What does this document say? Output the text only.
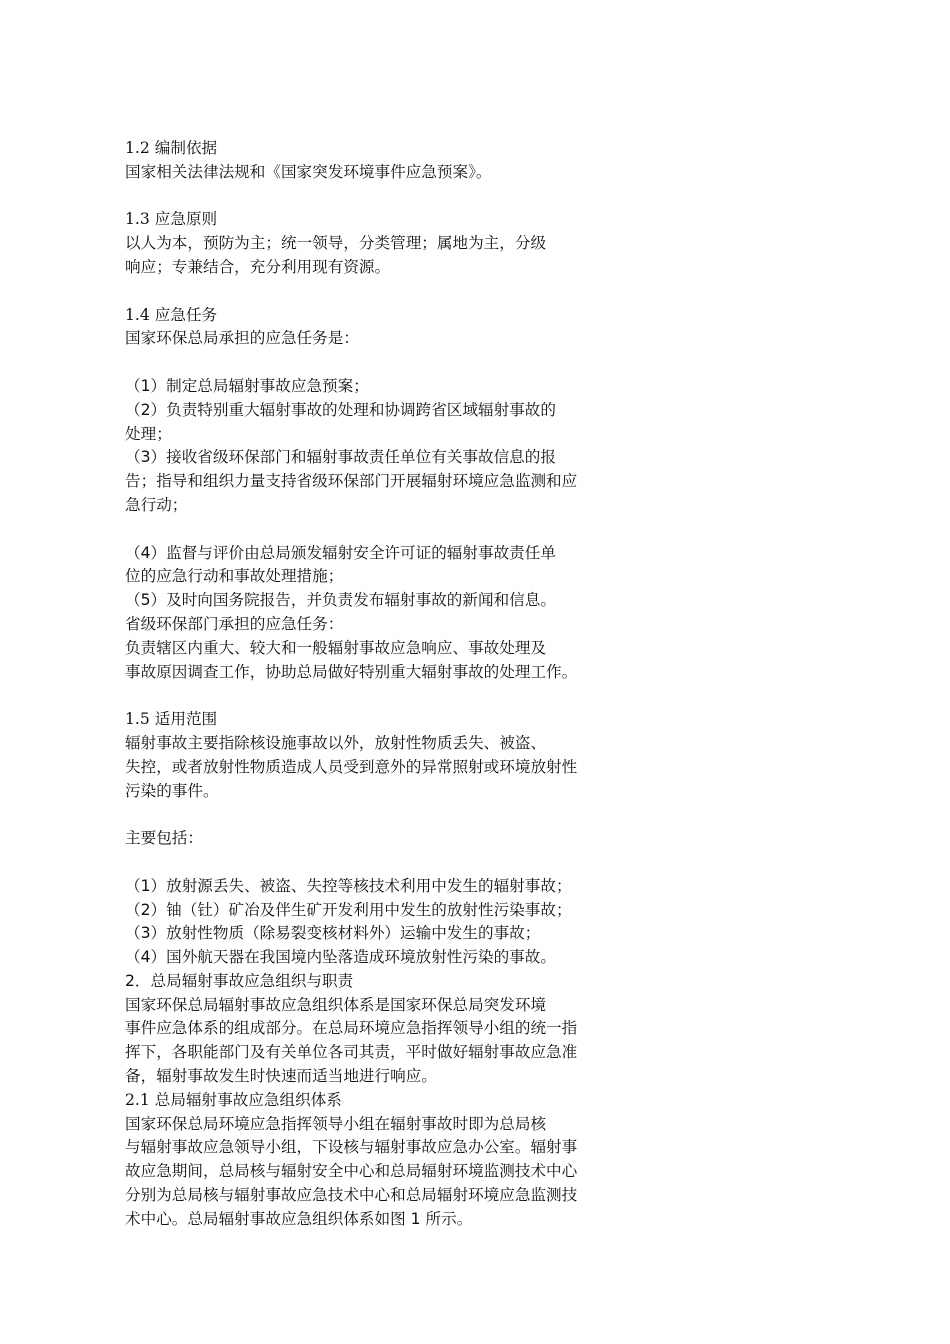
1.2 编制依据
国家相关法律法规和《国家突发环境事件应急预案》。
1.3 应急原则
以人为本，预防为主；统一领导，分类管理；属地为主，分级
响应；专兼结合，充分利用现有资源。
1.4 应急任务
国家环保总局承担的应急任务是：
（1）制定总局辐射事故应急预案；
（2）负责特别重大辐射事故的处理和协调跨省区域辐射事故的
处理；
（3）接收省级环保部门和辐射事故责任单位有关事故信息的报
告；指导和组织力量支持省级环保部门开展辐射环境应急监测和应
急行动；
（4）监督与评价由总局颁发辐射安全许可证的辐射事故责任单
位的应急行动和事故处理措施；
（5）及时向国务院报告，并负责发布辐射事故的新闻和信息。
省级环保部门承担的应急任务：
负责辖区内重大、较大和一般辐射事故应急响应、事故处理及
事故原因调查工作，协助总局做好特别重大辐射事故的处理工作。
1.5 适用范围
辐射事故主要指除核设施事故以外，放射性物质丢失、被盗、
失控，或者放射性物质造成人员受到意外的异常照射或环境放射性
污染的事件。
主要包括：
（1）放射源丢失、被盗、失控等核技术利用中发生的辐射事故；
（2）铀（钍）矿冶及伴生矿开发利用中发生的放射性污染事故；
（3）放射性物质（除易裂变核材料外）运输中发生的事故；
（4）国外航天器在我国境内坠落造成环境放射性污染的事故。
2．总局辐射事故应急组织与职责
国家环保总局辐射事故应急组织体系是国家环保总局突发环境
事件应急体系的组成部分。在总局环境应急指挥领导小组的统一指
挥下，各职能部门及有关单位各司其责，平时做好辐射事故应急准
备，辐射事故发生时快速而适当地进行响应。
2.1 总局辐射事故应急组织体系
国家环保总局环境应急指挥领导小组在辐射事故时即为总局核
与辐射事故应急领导小组，下设核与辐射事故应急办公室。辐射事
故应急期间，总局核与辐射安全中心和总局辐射环境监测技术中心
分别为总局核与辐射事故应急技术中心和总局辐射环境应急监测技
术中心。总局辐射事故应急组织体系如图 1 所示。
